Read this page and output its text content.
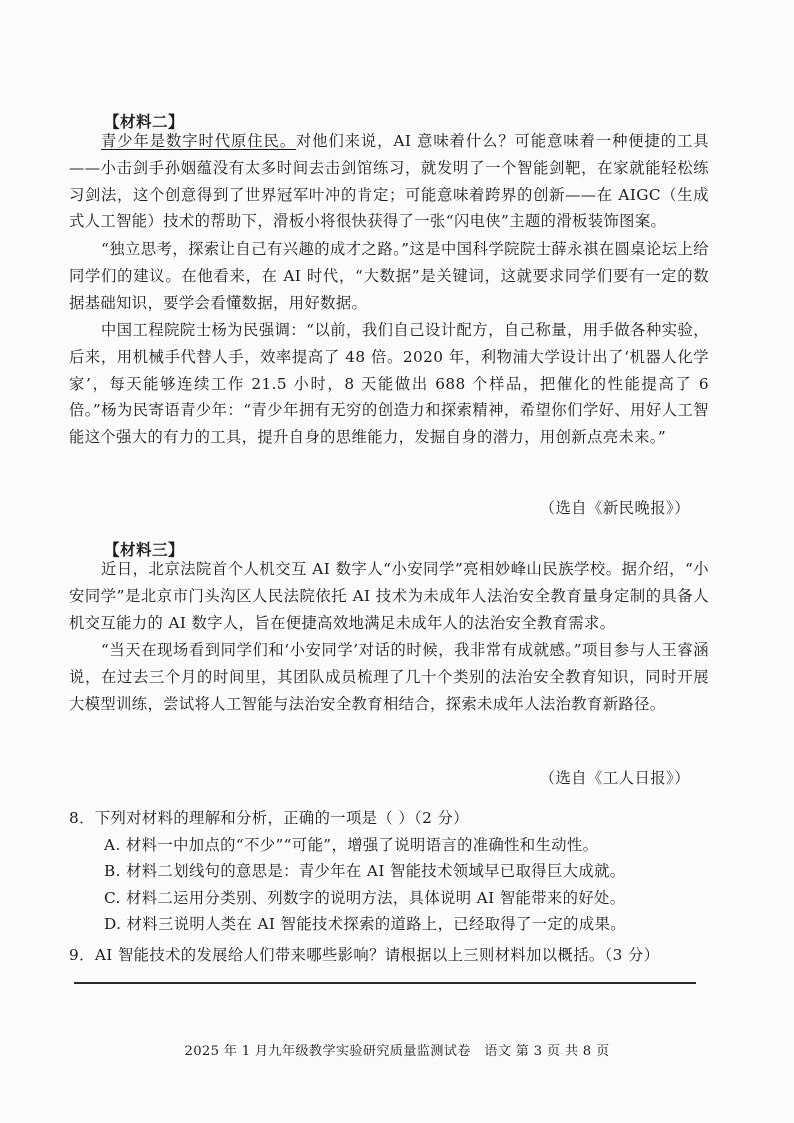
【材料二】
青少年是数字时代原住民。对他们来说，AI 意味着什么？可能意味着一种便捷的工具——小击剑手孙姻蕴没有太多时间去击剑馆练习，就发明了一个智能剑靶，在家就能轻松练习剑法，这个创意得到了世界冠军叶冲的肯定；可能意味着跨界的创新——在 AIGC（生成式人工智能）技术的帮助下，滑板小将很快获得了一张“闪电侠”主题的滑板装饰图案。
“独立思考，探索让自己有兴趣的成才之路。”这是中国科学院院士薛永祺在圆桌论坛上给同学们的建议。在他看来，在 AI 时代，“大数据”是关键词，这就要求同学们要有一定的数据基础知识，要学会看懂数据，用好数据。
中国工程院院士杨为民强调：“以前，我们自己设计配方，自己称量，用手做各种实验，后来，用机械手代替人手，效率提高了 48 倍。2020 年，利物浦大学设计出了‘机器人化学家’，每天能够连续工作 21.5 小时，8 天能做出 688 个样品，把催化的性能提高了 6 倍。”杨为民寄语青少年：“青少年拥有无穷的创造力和探索精神，希望你们学好、用好人工智能这个强大的有力的工具，提升自身的思维能力，发掘自身的潜力，用创新点亮未来。”
（选自《新民晚报》）
【材料三】
近日，北京法院首个人机交互 AI 数字人“小安同学”亮相妙峰山民族学校。据介绍，“小安同学”是北京市门头沟区人民法院依托 AI 技术为未成年人法治安全教育量身定制的具备人机交互能力的 AI 数字人，旨在便捷高效地满足未成年人的法治安全教育需求。
“当天在现场看到同学们和‘小安同学’对话的时候，我非常有成就感。”项目参与人王睿涵说，在过去三个月的时间里，其团队成员梳理了几十个类别的法治安全教育知识，同时开展大模型训练，尝试将人工智能与法治安全教育相结合，探索未成年人法治教育新路径。
（选自《工人日报》）
8．下列对材料的理解和分析，正确的一项是（ ）（2 分）
A. 材料一中加点的“不少”“可能”，增强了说明语言的准确性和生动性。
B. 材料二划线句的意思是：青少年在 AI 智能技术领域早已取得巨大成就。
C. 材料二运用分类别、列数字的说明方法，具体说明 AI 智能带来的好处。
D. 材料三说明人类在 AI 智能技术探索的道路上，已经取得了一定的成果。
9．AI 智能技术的发展给人们带来哪些影响？请根据以上三则材料加以概括。（3 分）
2025 年 1 月九年级教学实验研究质量监测试卷　语文 第 3 页 共 8 页
